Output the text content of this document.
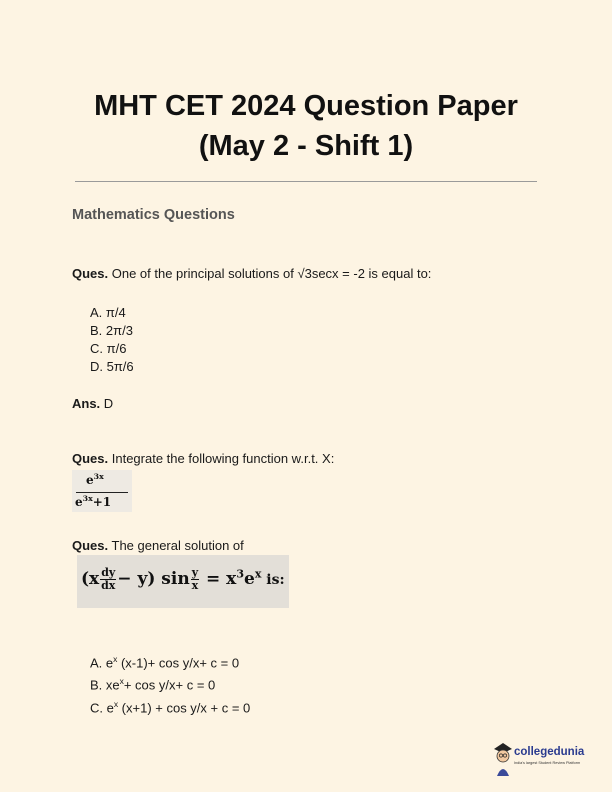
MHT CET 2024 Question Paper
(May 2 - Shift 1)
Mathematics Questions
Ques. One of the principal solutions of √3secx = -2 is equal to:
A. π/4
B. 2π/3
C. π/6
D. 5π/6
Ans. D
Ques. Integrate the following function w.r.t. X:
$e^{3x}$
$e^{3x}+1$
Ques. The general solution of
$(x \frac{dy}{dx} - y)$ $\sin \frac{y}{x} = x^3e^x$ is:
A. $e^x$ (x-1)+ cos y/x+ c = 0
B. $xe^x+ \cos y/x+ c = 0$
C. $e^x$ (x+1) + cos y/x + c = 0
collegedunia
India's largest Student Review Platform
